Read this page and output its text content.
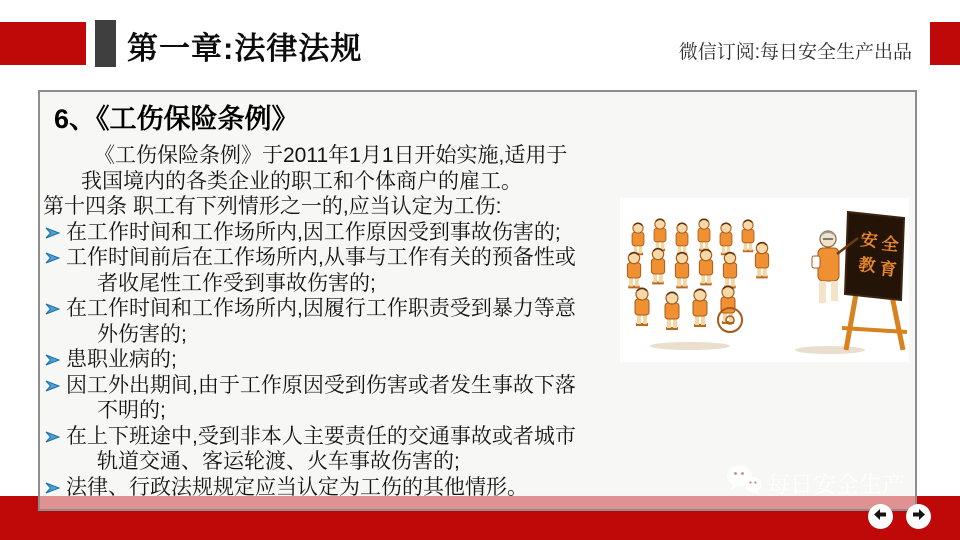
第一章:法律法规	微信订阅:每日安全生产出品
6、《工伤保险条例》
《工伤保险条例》于2011年1月1日开始实施,适用于
我国境内的各类企业的职工和个体商户的雇工。
第十四条 职工有下列情形之一的,应当认定为工伤:
在工作时间和工作场所内,因工作原因受到事故伤害的;
工作时间前后在工作场所内,从事与工作有关的预备性或
者收尾性工作受到事故伤害的;
在工作时间和工作场所内,因履行工作职责受到暴力等意
外伤害的;
患职业病的;
因工外出期间,由于工作原因受到伤害或者发生事故下落
不明的;
在上下班途中,受到非本人主要责任的交通事故或者城市
轨道交通、客运轮渡、火车事故伤害的;
法律、行政法规规定应当认定为工伤的其他情形。
安 全
教 育
每日安全生产
